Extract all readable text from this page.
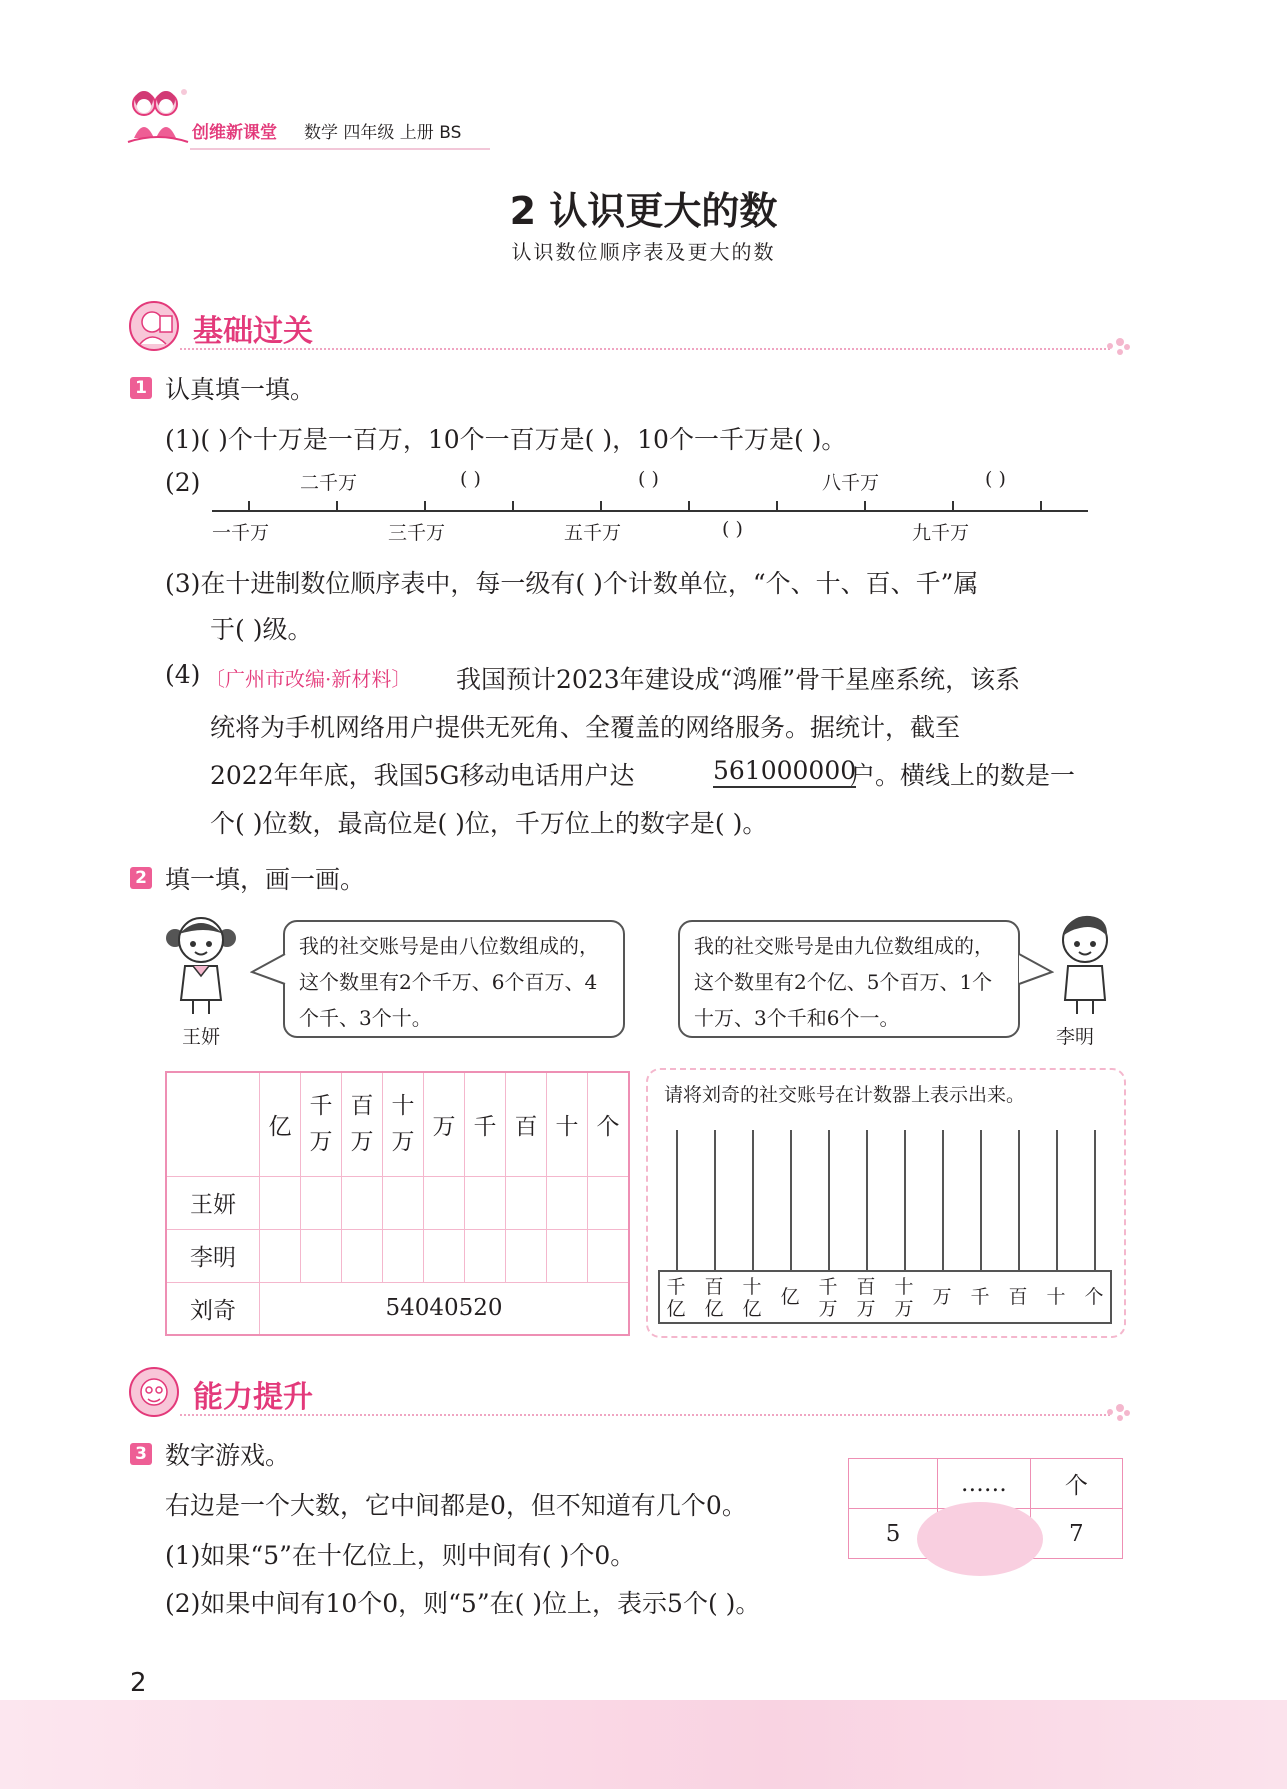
创维新课堂 数学 四年级 上册 BS
2 认识更大的数
认识数位顺序表及更大的数
基础过关
1 认真填一填。
(1)( )个十万是一百万，10个一百万是( )，10个一千万是( )。
(2)	二千万	( )	( )	八千万	( )
一千万	三千万	五千万	( )	九千万
(3)在十进制数位顺序表中，每一级有( )个计数单位，“个、十、百、千”属
于( )级。
(4) 〔广州市改编·新材料〕 我国预计2023年建设成“鸿雁”骨干星座系统，该系
统将为手机网络用户提供无死角、全覆盖的网络服务。据统计，截至
2022年年底，我国5G移动电话用户达	561000000
户。横线上的数是一
个( )位数，最高位是( )位，千万位上的数字是( )。
2 填一填，画一画。
王妍
我的社交账号是由八位数组成的，这个数里有2个千万、6个百万、4个千、3个十。
我的社交账号是由九位数组成的，这个数里有2个亿、5个百万、1个十万、3个千和6个一。
李明
	亿	千万	百万	十万	万	千	百	十	个
王妍									
李明									
刘奇	54040520								
请将刘奇的社交账号在计数器上表示出来。
千亿
百亿
十亿
亿 千万
百万
十万
万 千 百 十 个
能力提升
3 数字游戏。
右边是一个大数，它中间都是0，但不知道有几个0。
(1)如果“5”在十亿位上，则中间有( )个0。
(2)如果中间有10个0，则“5”在( )位上，表示5个( )。
	……	个
5		7
2
